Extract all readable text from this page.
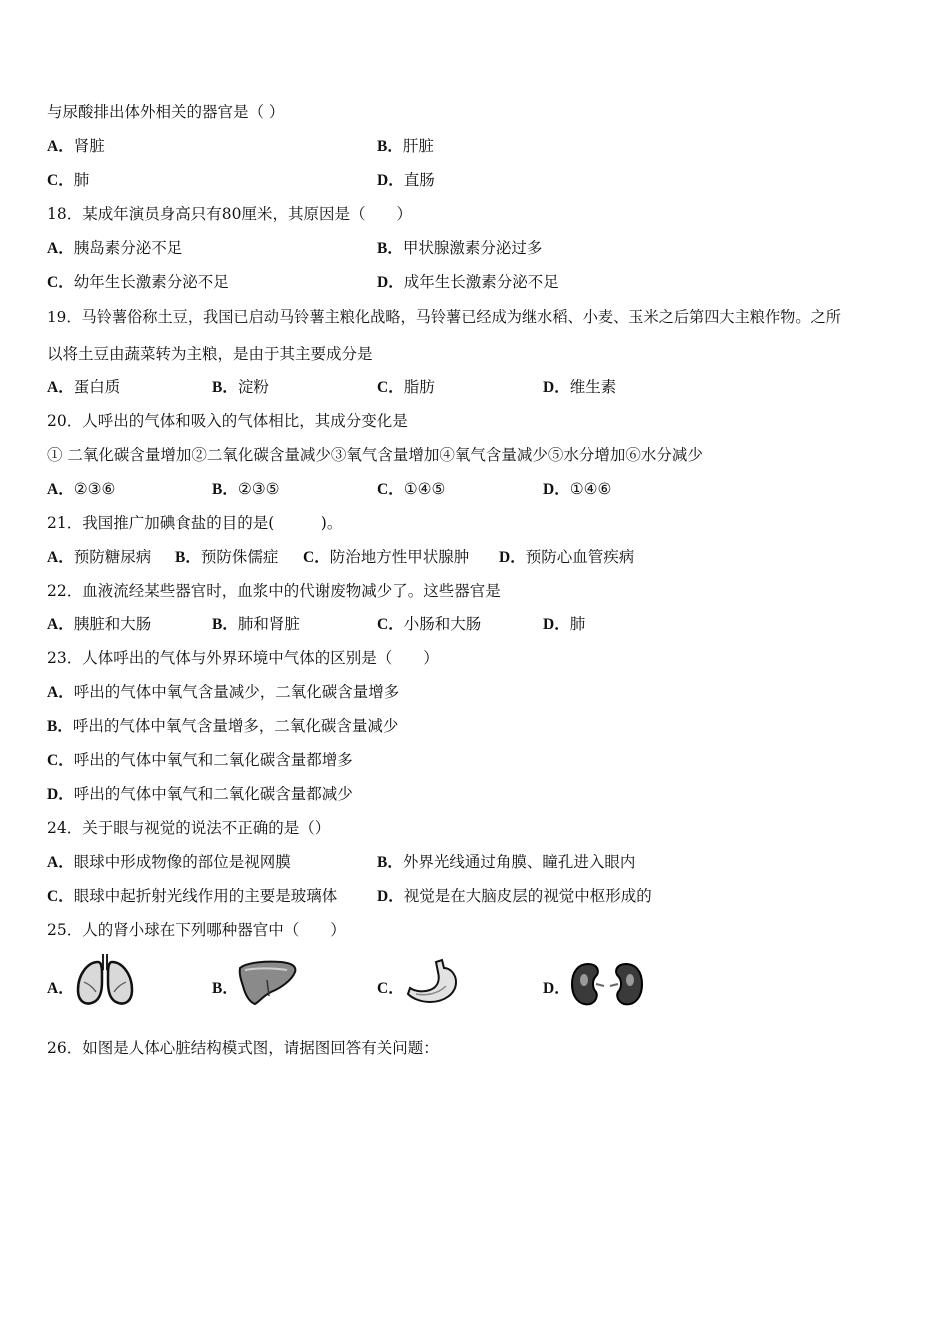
与尿酸排出体外相关的器官是（ ）
A．肾脏	B．肝脏
C．肺	D．直肠
18．某成年演员身高只有80厘米，其原因是（　　）
A．胰岛素分泌不足	B．甲状腺激素分泌过多
C．幼年生长激素分泌不足	D．成年生长激素分泌不足
19．马铃薯俗称土豆，我国已启动马铃薯主粮化战略，马铃薯已经成为继水稻、小麦、玉米之后第四大主粮作物。之所
以将土豆由蔬菜转为主粮，是由于其主要成分是
A．蛋白质	B．淀粉	C．脂肪	D．维生素
20．人呼出的气体和吸入的气体相比，其成分变化是
① 二氧化碳含量增加②二氧化碳含量减少③氧气含量增加④氧气含量减少⑤水分增加⑥水分减少
A．②③⑥	B．②③⑤	C．①④⑤	D．①④⑥
21．我国推广加碘食盐的目的是(　　　)。
A．预防糖尿病 B．预防侏儒症 C．防治地方性甲状腺肿 D．预防心血管疾病
22．血液流经某些器官时，血浆中的代谢废物减少了。这些器官是
A．胰脏和大肠	B．肺和肾脏	C．小肠和大肠	D．肺
23．人体呼出的气体与外界环境中气体的区别是（　　）
A．呼出的气体中氧气含量减少，二氧化碳含量增多
B．呼出的气体中氧气含量增多，二氧化碳含量减少
C．呼出的气体中氧气和二氧化碳含量都增多
D．呼出的气体中氧气和二氧化碳含量都减少
24．关于眼与视觉的说法不正确的是（）
A．眼球中形成物像的部位是视网膜	B．外界光线通过角膜、瞳孔进入眼内
C．眼球中起折射光线作用的主要是玻璃体	D．视觉是在大脑皮层的视觉中枢形成的
25．人的肾小球在下列哪种器官中（　　）
A．	B．	C．	D．
26．如图是人体心脏结构模式图，请据图回答有关问题：
